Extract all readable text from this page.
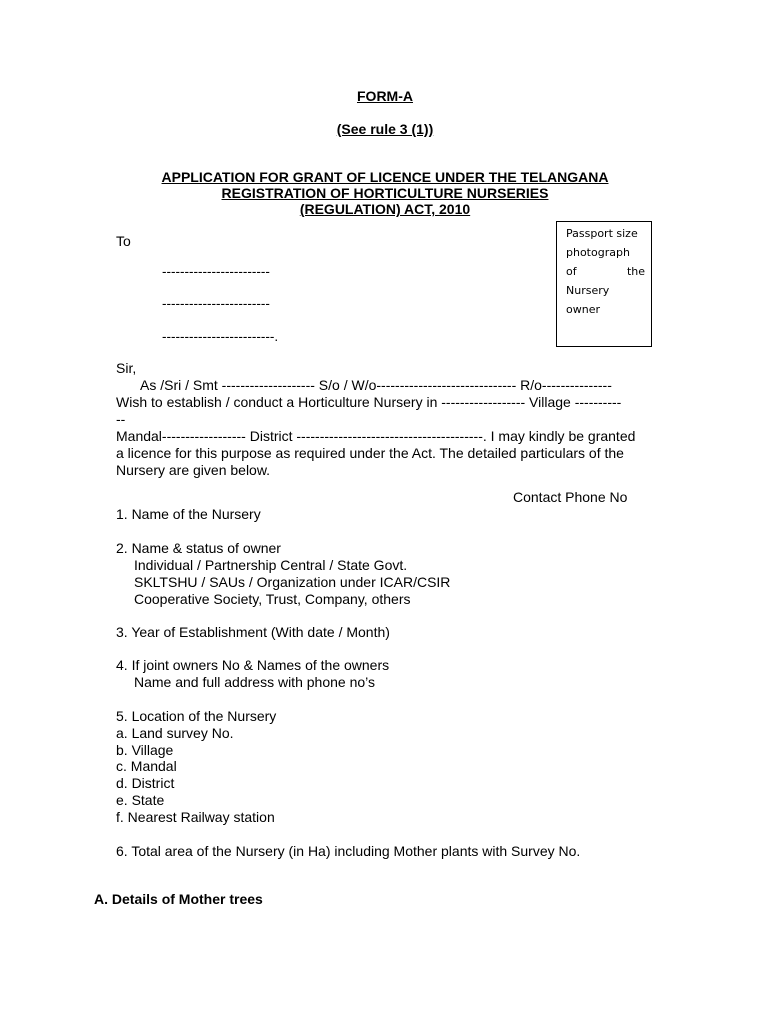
FORM-A
(See rule 3 (1))
APPLICATION FOR GRANT OF LICENCE UNDER THE TELANGANA
REGISTRATION OF HORTICULTURE NURSERIES
(REGULATION) ACT, 2010
To
------------------------
------------------------
-------------------------.
Passport size
photograph
of	the
Nursery
owner
Sir,
As /Sri / Smt -------------------- S/o / W/o------------------------------ R/o---------------
Wish to establish / conduct a Horticulture Nursery in ------------------ Village ----------
--
Mandal------------------ District ----------------------------------------. I may kindly be granted
a licence for this purpose as required under the Act. The detailed particulars of the
Nursery are given below.
Contact Phone No
1. Name of the Nursery
2. Name & status of owner
Individual / Partnership Central / State Govt.
SKLTSHU / SAUs / Organization under ICAR/CSIR
Cooperative Society, Trust, Company, others
3. Year of Establishment (With date / Month)
4. If joint owners No & Names of the owners
Name and full address with phone no’s
5. Location of the Nursery
a. Land survey No.
b. Village
c. Mandal
d. District
e. State
f. Nearest Railway station
6. Total area of the Nursery (in Ha) including Mother plants with Survey No.
A. Details of Mother trees
